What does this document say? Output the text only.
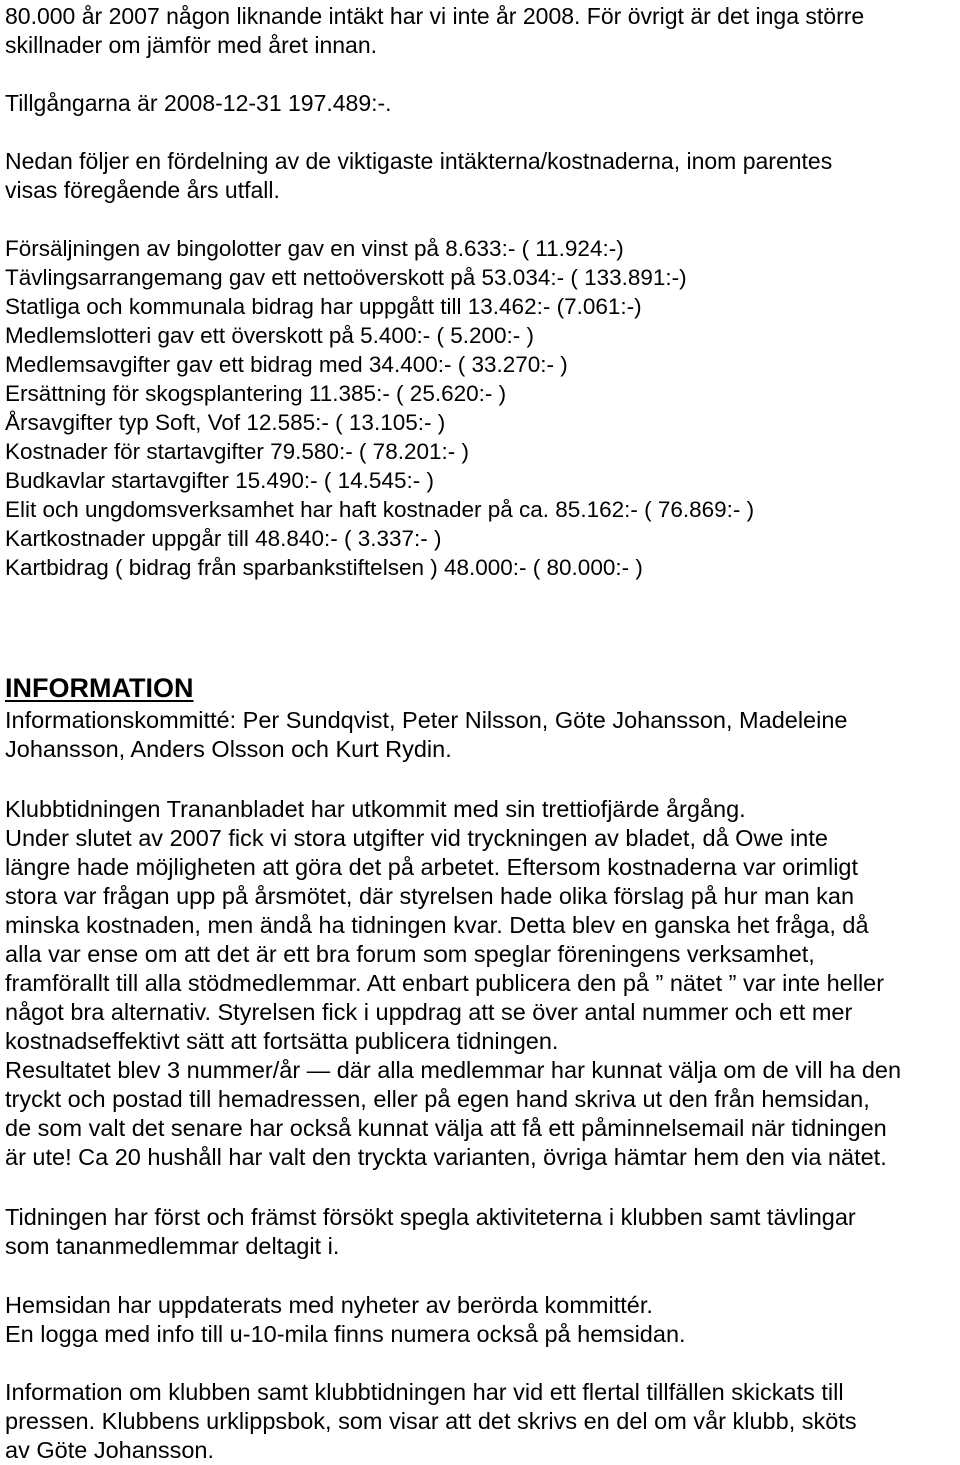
80.000 år 2007 någon liknande intäkt har vi inte år 2008. För övrigt är det inga större
skillnader om jämför med året innan.
Tillgångarna är 2008-12-31 197.489:-.
Nedan följer en fördelning av de viktigaste intäkterna/kostnaderna, inom parentes
visas föregående års utfall.
Försäljningen av bingolotter gav en vinst på 8.633:- ( 11.924:-)
Tävlingsarrangemang gav ett nettoöverskott på 53.034:- ( 133.891:-)
Statliga och kommunala bidrag har uppgått till 13.462:- (7.061:-)
Medlemslotteri gav ett överskott på 5.400:- ( 5.200:- )
Medlemsavgifter gav ett bidrag med 34.400:- ( 33.270:- )
Ersättning för skogsplantering 11.385:- ( 25.620:- )
Årsavgifter typ Soft, Vof 12.585:- ( 13.105:- )
Kostnader för startavgifter 79.580:- ( 78.201:- )
Budkavlar startavgifter 15.490:- ( 14.545:- )
Elit och ungdomsverksamhet har haft kostnader på ca. 85.162:- ( 76.869:- )
Kartkostnader uppgår till 48.840:- ( 3.337:- )
Kartbidrag ( bidrag från sparbankstiftelsen ) 48.000:- ( 80.000:- )
INFORMATION
Informationskommitté: Per Sundqvist, Peter Nilsson, Göte Johansson, Madeleine
Johansson, Anders Olsson och Kurt Rydin.
Klubbtidningen Trananbladet har utkommit med sin trettiofjärde årgång.
Under slutet av 2007 fick vi stora utgifter vid tryckningen av bladet, då Owe inte
längre hade möjligheten att göra det på arbetet. Eftersom kostnaderna var orimligt
stora var frågan upp på årsmötet, där styrelsen hade olika förslag på hur man kan
minska kostnaden, men ändå ha tidningen kvar. Detta blev en ganska het fråga, då
alla var ense om att det är ett bra forum som speglar föreningens verksamhet,
framförallt till alla stödmedlemmar. Att enbart publicera den på ” nätet ” var inte heller
något bra alternativ. Styrelsen fick i uppdrag att se över antal nummer och ett mer
kostnadseffektivt sätt att fortsätta publicera tidningen.
Resultatet blev 3 nummer/år — där alla medlemmar har kunnat välja om de vill ha den
tryckt och postad till hemadressen, eller på egen hand skriva ut den från hemsidan,
de som valt det senare har också kunnat välja att få ett påminnelsemail när tidningen
är ute! Ca 20 hushåll har valt den tryckta varianten, övriga hämtar hem den via nätet.
Tidningen har först och främst försökt spegla aktiviteterna i klubben samt tävlingar
som tananmedlemmar deltagit i.
Hemsidan har uppdaterats med nyheter av berörda kommittér.
En logga med info till u-10-mila finns numera också på hemsidan.
Information om klubben samt klubbtidningen har vid ett flertal tillfällen skickats till
pressen. Klubbens urklippsbok, som visar att det skrivs en del om vår klubb, sköts
av Göte Johansson.
